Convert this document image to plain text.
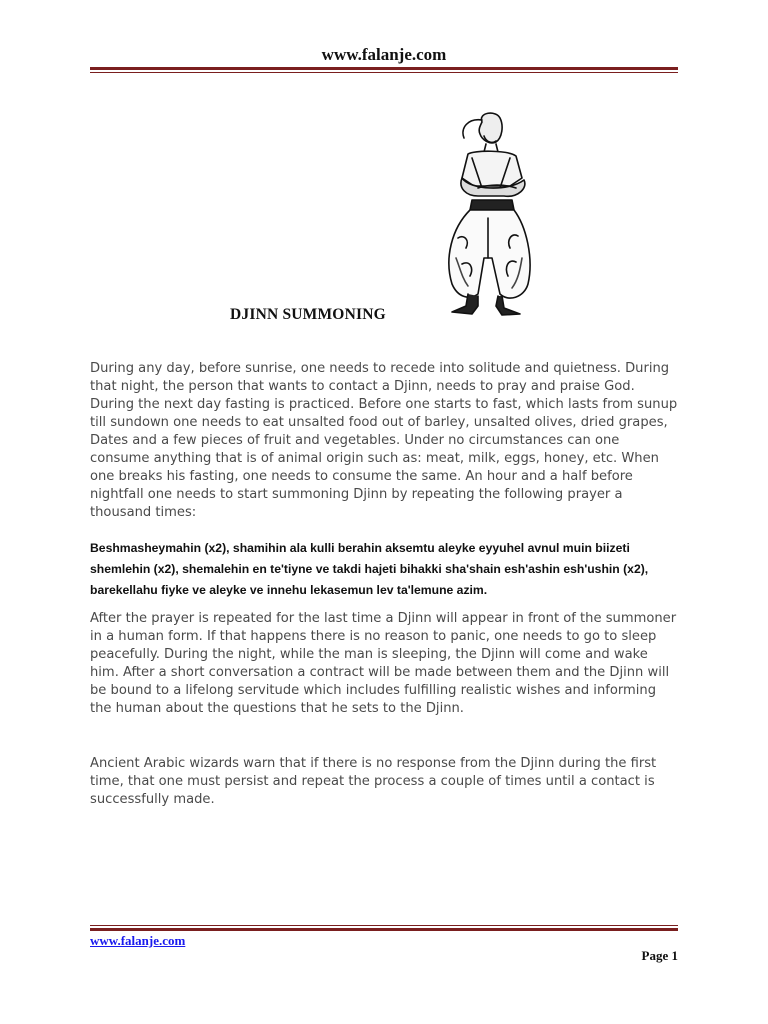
www.falanje.com
DJINN SUMMONING

During any day, before sunrise, one needs to recede into solitude and quietness. During that night, the person that wants to contact a Djinn, needs to pray and praise God. During the next day fasting is practiced. Before one starts to fast, which lasts from sunup till sundown one needs to eat unsalted food out of barley, unsalted olives, dried grapes, Dates and a few pieces of fruit and vegetables. Under no circumstances can one consume anything that is of animal origin such as: meat, milk, eggs, honey, etc. When one breaks his fasting, one needs to consume the same. An hour and a half before nightfall one needs to start summoning Djinn by repeating the following prayer a thousand times:

Beshmasheymahin (x2), shamihin ala kulli berahin aksemtu aleyke eyyuhel avnul muin biizeti shemlehin (x2), shemalehin en te'tiyne ve takdi hajeti bihakki sha'shain esh'ashin esh'ushin (x2), barekellahu fiyke ve aleyke ve innehu lekasemun lev ta'lemune azim.

After the prayer is repeated for the last time a Djinn will appear in front of the summoner in a human form. If that happens there is no reason to panic, one needs to go to sleep peacefully. During the night, while the man is sleeping, the Djinn will come and wake him. After a short conversation a contract will be made between them and the Djinn will be bound to a lifelong servitude which includes fulfilling realistic wishes and informing the human about the questions that he sets to the Djinn.

Ancient Arabic wizards warn that if there is no response from the Djinn during the first time, that one must persist and repeat the process a couple of times until a contact is successfully made.

www.falanje.com
Page 1
